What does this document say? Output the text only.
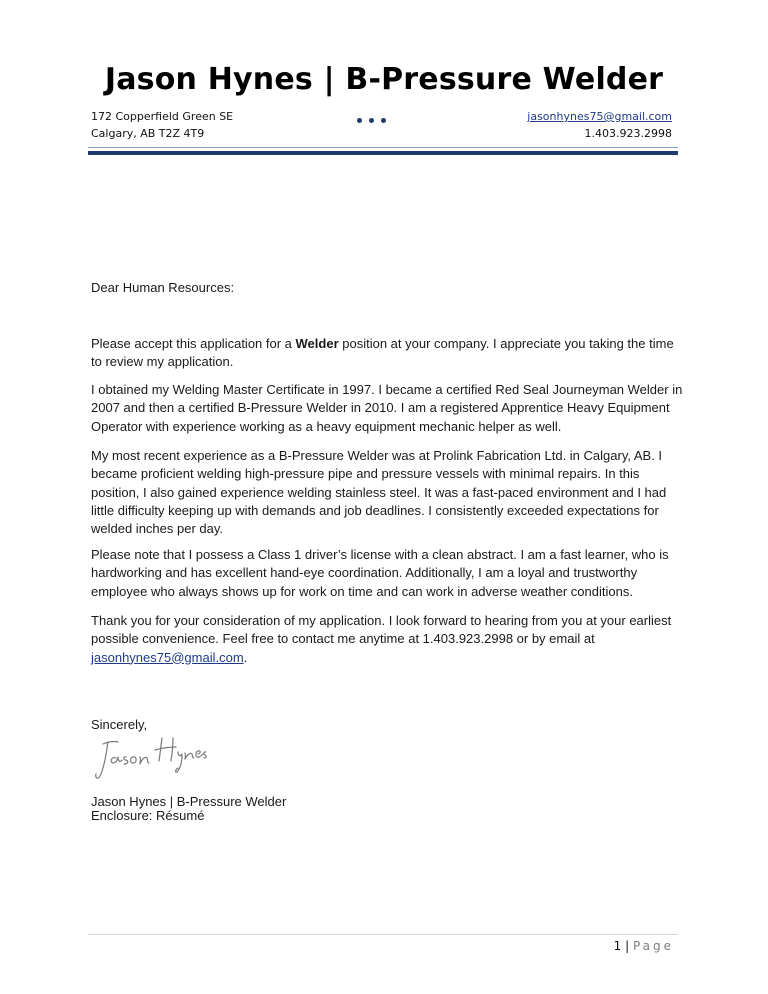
Jason Hynes | B-Pressure Welder
172 Copperfield Green SE
Calgary, AB T2Z 4T9
jasonhynes75@gmail.com
1.403.923.2998
Dear Human Resources:
Please accept this application for a Welder position at your company. I appreciate you taking the time to review my application.
I obtained my Welding Master Certificate in 1997. I became a certified Red Seal Journeyman Welder in 2007 and then a certified B-Pressure Welder in 2010. I am a registered Apprentice Heavy Equipment Operator with experience working as a heavy equipment mechanic helper as well.
My most recent experience as a B-Pressure Welder was at Prolink Fabrication Ltd. in Calgary, AB. I became proficient welding high-pressure pipe and pressure vessels with minimal repairs. In this position, I also gained experience welding stainless steel. It was a fast-paced environment and I had little difficulty keeping up with demands and job deadlines. I consistently exceeded expectations for welded inches per day.
Please note that I possess a Class 1 driver’s license with a clean abstract. I am a fast learner, who is hardworking and has excellent hand-eye coordination. Additionally, I am a loyal and trustworthy employee who always shows up for work on time and can work in adverse weather conditions.
Thank you for your consideration of my application. I look forward to hearing from you at your earliest possible convenience. Feel free to contact me anytime at 1.403.923.2998 or by email at jasonhynes75@gmail.com.
Sincerely,
Jason Hynes | B-Pressure Welder
Enclosure: Résumé
1 | Page
